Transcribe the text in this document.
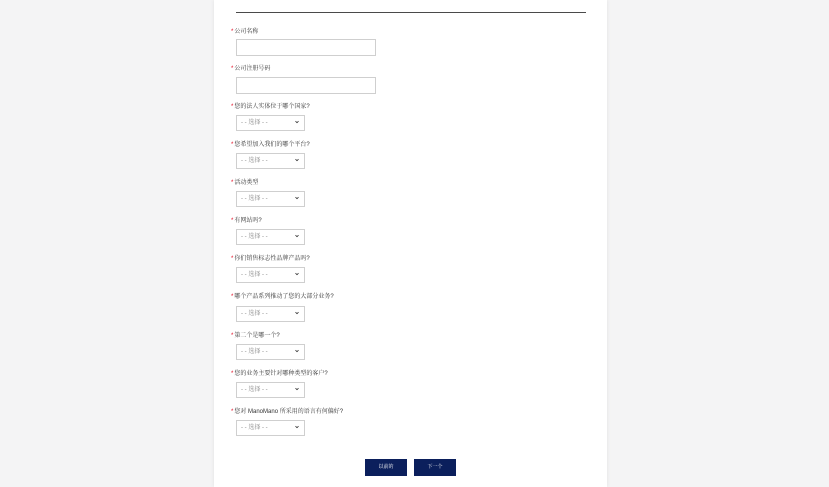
*公司名称
*公司注册号码
*您的法人实体位于哪个国家?
- - 选择 - -
*您希望加入我们的哪个平台?
- - 选择 - -
*活动类型
- - 选择 - -
*有网站吗?
- - 选择 - -
*你们销售标志性品牌产品吗?
- - 选择 - -
*哪个产品系列推动了您的大部分业务?
- - 选择 - -
*第二个是哪一个?
- - 选择 - -
*您的业务主要针对哪种类型的客户?
- - 选择 - -
*您对 ManoMano 所采用的语言有何偏好?
- - 选择 - -
以前的	下一个
